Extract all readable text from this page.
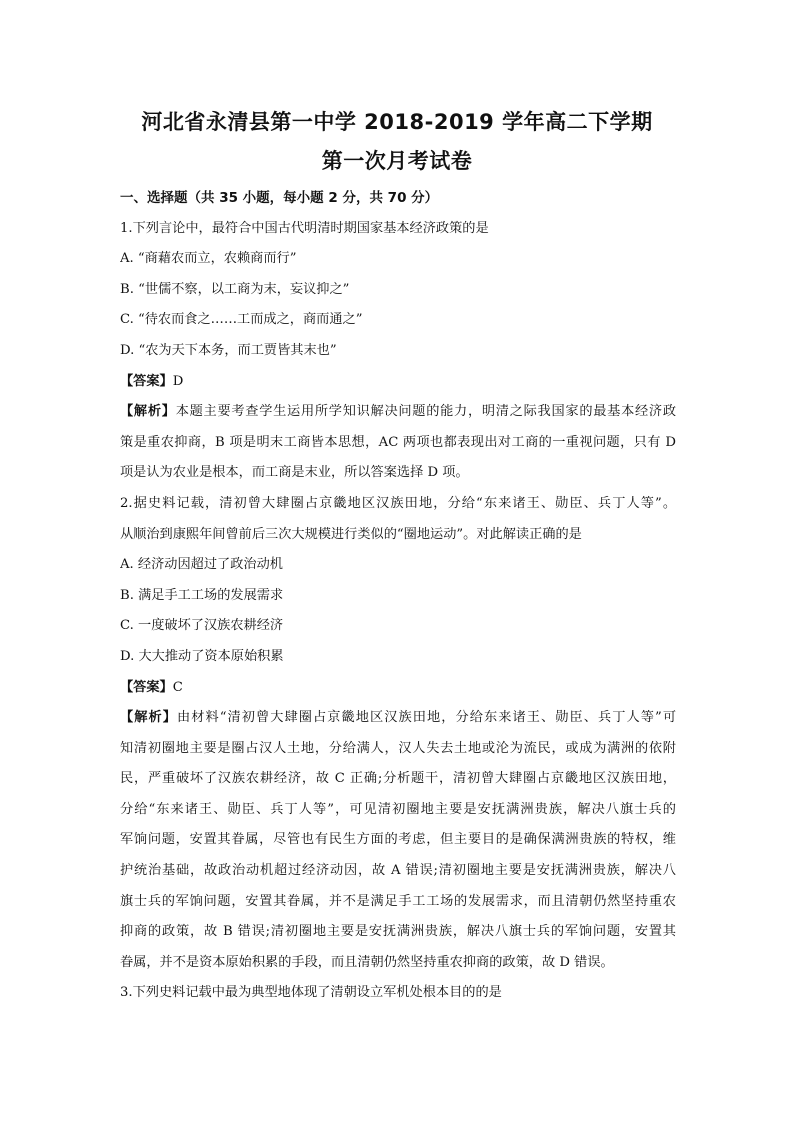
河北省永清县第一中学 2018-2019 学年高二下学期
第一次月考试卷
一、选择题（共 35 小题，每小题 2 分，共 70 分）
1.下列言论中，最符合中国古代明清时期国家基本经济政策的是
A. “商藉农而立，农赖商而行”
B. “世儒不察，以工商为末，妄议抑之”
C. “待农而食之……工而成之，商而通之”
D. “农为天下本务，而工贾皆其末也”
【答案】D
【解析】本题主要考查学生运用所学知识解决问题的能力，明清之际我国家的最基本经济政
策是重农抑商，B 项是明末工商皆本思想，AC 两项也都表现出对工商的一重视问题，只有 D
项是认为农业是根本，而工商是末业，所以答案选择 D 项。
2.据史料记载，清初曾大肆圈占京畿地区汉族田地，分给“东来诸王、勋臣、兵丁人等”。
从顺治到康熙年间曾前后三次大规模进行类似的“圈地运动”。对此解读正确的是
A. 经济动因超过了政治动机
B. 满足手工工场的发展需求
C. 一度破坏了汉族农耕经济
D. 大大推动了资本原始积累
【答案】C
【解析】由材料“清初曾大肆圈占京畿地区汉族田地，分给东来诸王、勋臣、兵丁人等”可
知清初圈地主要是圈占汉人土地，分给满人，汉人失去土地或沦为流民，或成为满洲的依附
民，严重破坏了汉族农耕经济，故 C 正确;分析题干，清初曾大肆圈占京畿地区汉族田地，
分给“东来诸王、勋臣、兵丁人等”，可见清初圈地主要是安抚满洲贵族，解决八旗士兵的
军饷问题，安置其眷属，尽管也有民生方面的考虑，但主要目的是确保满洲贵族的特权，维
护统治基础，故政治动机超过经济动因，故 A 错误;清初圈地主要是安抚满洲贵族，解决八
旗士兵的军饷问题，安置其眷属，并不是满足手工工场的发展需求，而且清朝仍然坚持重农
抑商的政策，故 B 错误;清初圈地主要是安抚满洲贵族，解决八旗士兵的军饷问题，安置其
眷属，并不是资本原始积累的手段，而且清朝仍然坚持重农抑商的政策，故 D 错误。
3.下列史料记载中最为典型地体现了清朝设立军机处根本目的的是
